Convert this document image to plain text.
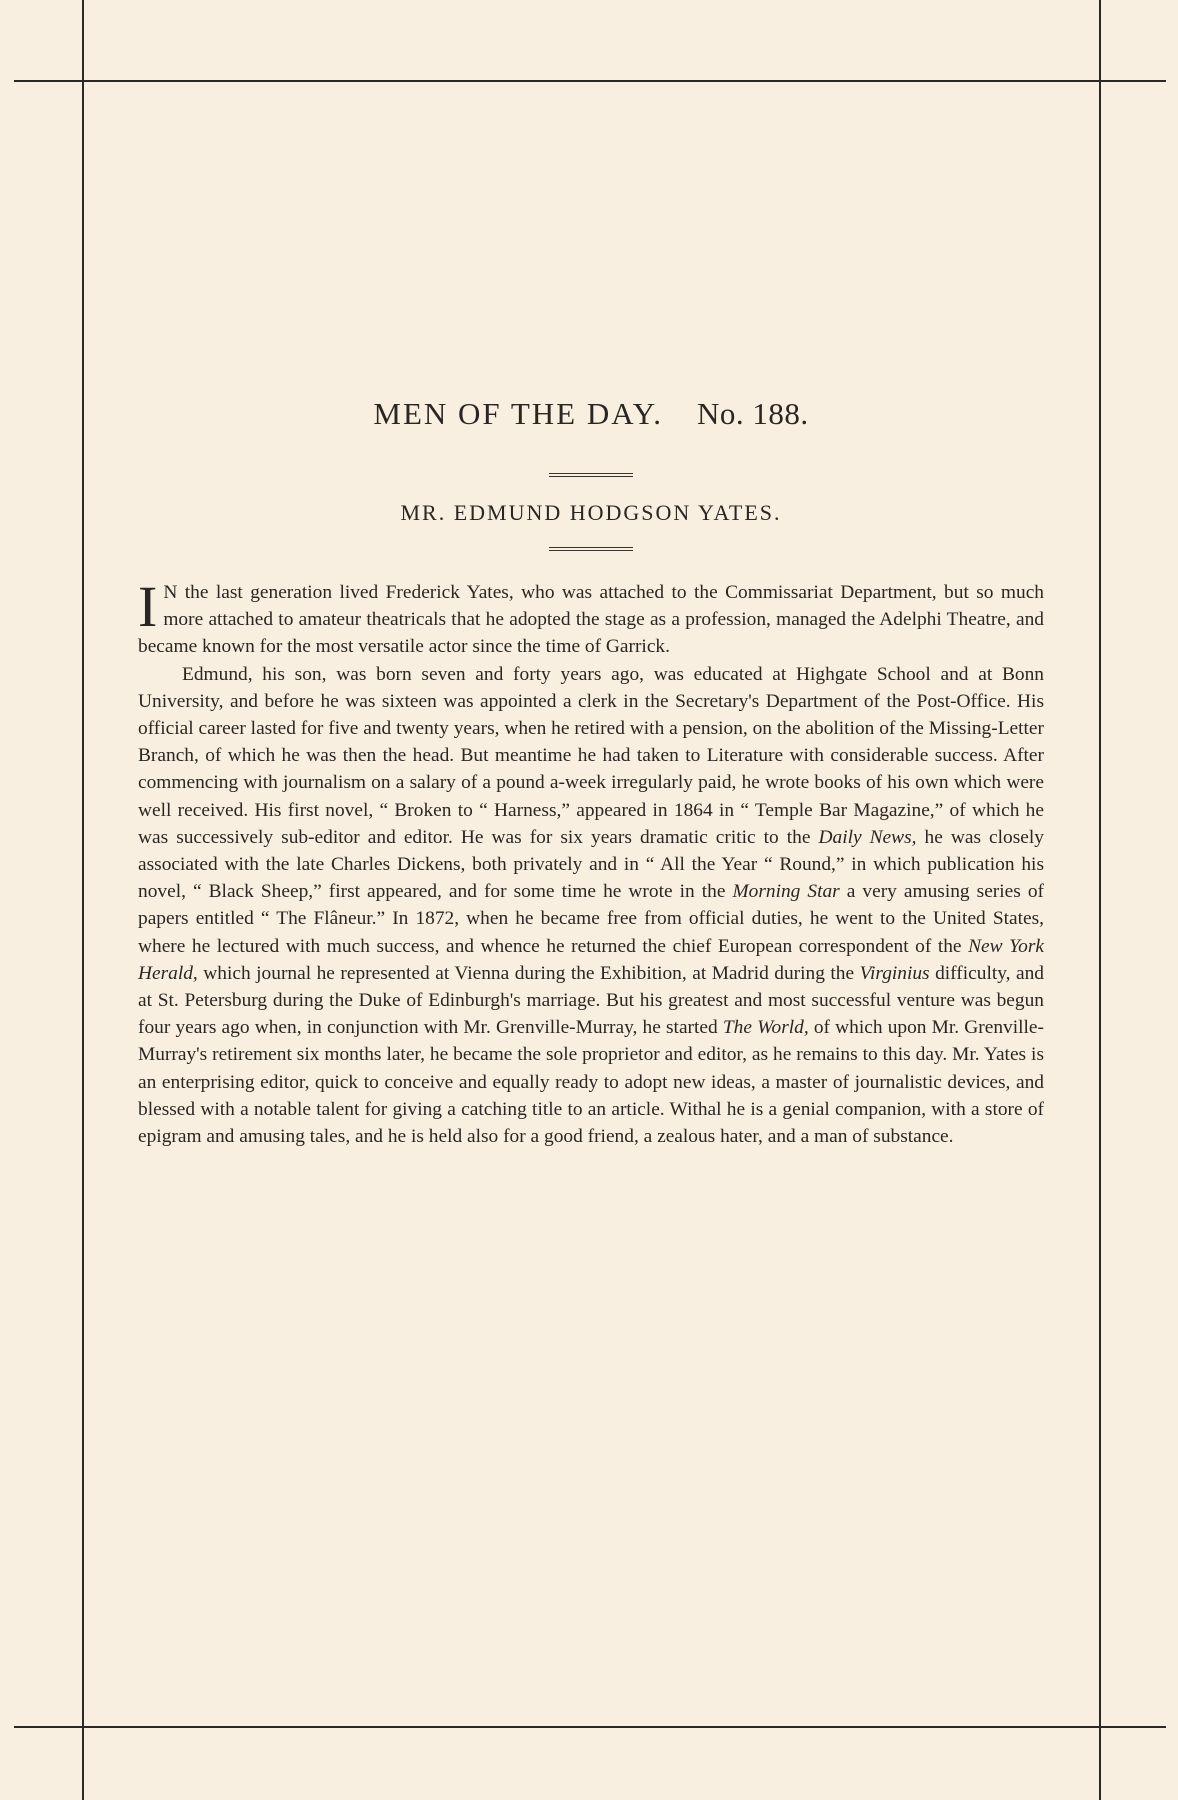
MEN OF THE DAY. No. 188.
MR. EDMUND HODGSON YATES.

I N the last generation lived Frederick Yates, who was attached to the Commissariat Department, but so much more attached to amateur theatricals that he adopted the stage as a profession, managed the Adelphi Theatre, and became known for the most versatile actor since the time of Garrick.

Edmund, his son, was born seven and forty years ago, was educated at Highgate School and at Bonn University, and before he was sixteen was appointed a clerk in the Secretary's Department of the Post-Office. His official career lasted for five and twenty years, when he retired with a pension, on the abolition of the Missing-Letter Branch, of which he was then the head. But meantime he had taken to Literature with considerable success. After commencing with journalism on a salary of a pound a-week irregularly paid, he wrote books of his own which were well received. His first novel, “ Broken to “ Harness,” appeared in 1864 in “ Temple Bar Magazine,” of which he was successively sub-editor and editor. He was for six years dramatic critic to the Daily News, he was closely associated with the late Charles Dickens, both privately and in “ All the Year “ Round,” in which publication his novel, “ Black Sheep,” first appeared, and for some time he wrote in the Morning Star a very amusing series of papers entitled “ The Flâneur.” In 1872, when he became free from official duties, he went to the United States, where he lectured with much success, and whence he returned the chief European correspondent of the New York Herald, which journal he represented at Vienna during the Exhibition, at Madrid during the Virginius difficulty, and at St. Petersburg during the Duke of Edinburgh's marriage. But his greatest and most successful venture was begun four years ago when, in conjunction with Mr. Grenville-Murray, he started The World, of which upon Mr. Grenville-Murray's retirement six months later, he became the sole proprietor and editor, as he remains to this day. Mr. Yates is an enterprising editor, quick to conceive and equally ready to adopt new ideas, a master of journalistic devices, and blessed with a notable talent for giving a catching title to an article. Withal he is a genial companion, with a store of epigram and amusing tales, and he is held also for a good friend, a zealous hater, and a man of substance.
